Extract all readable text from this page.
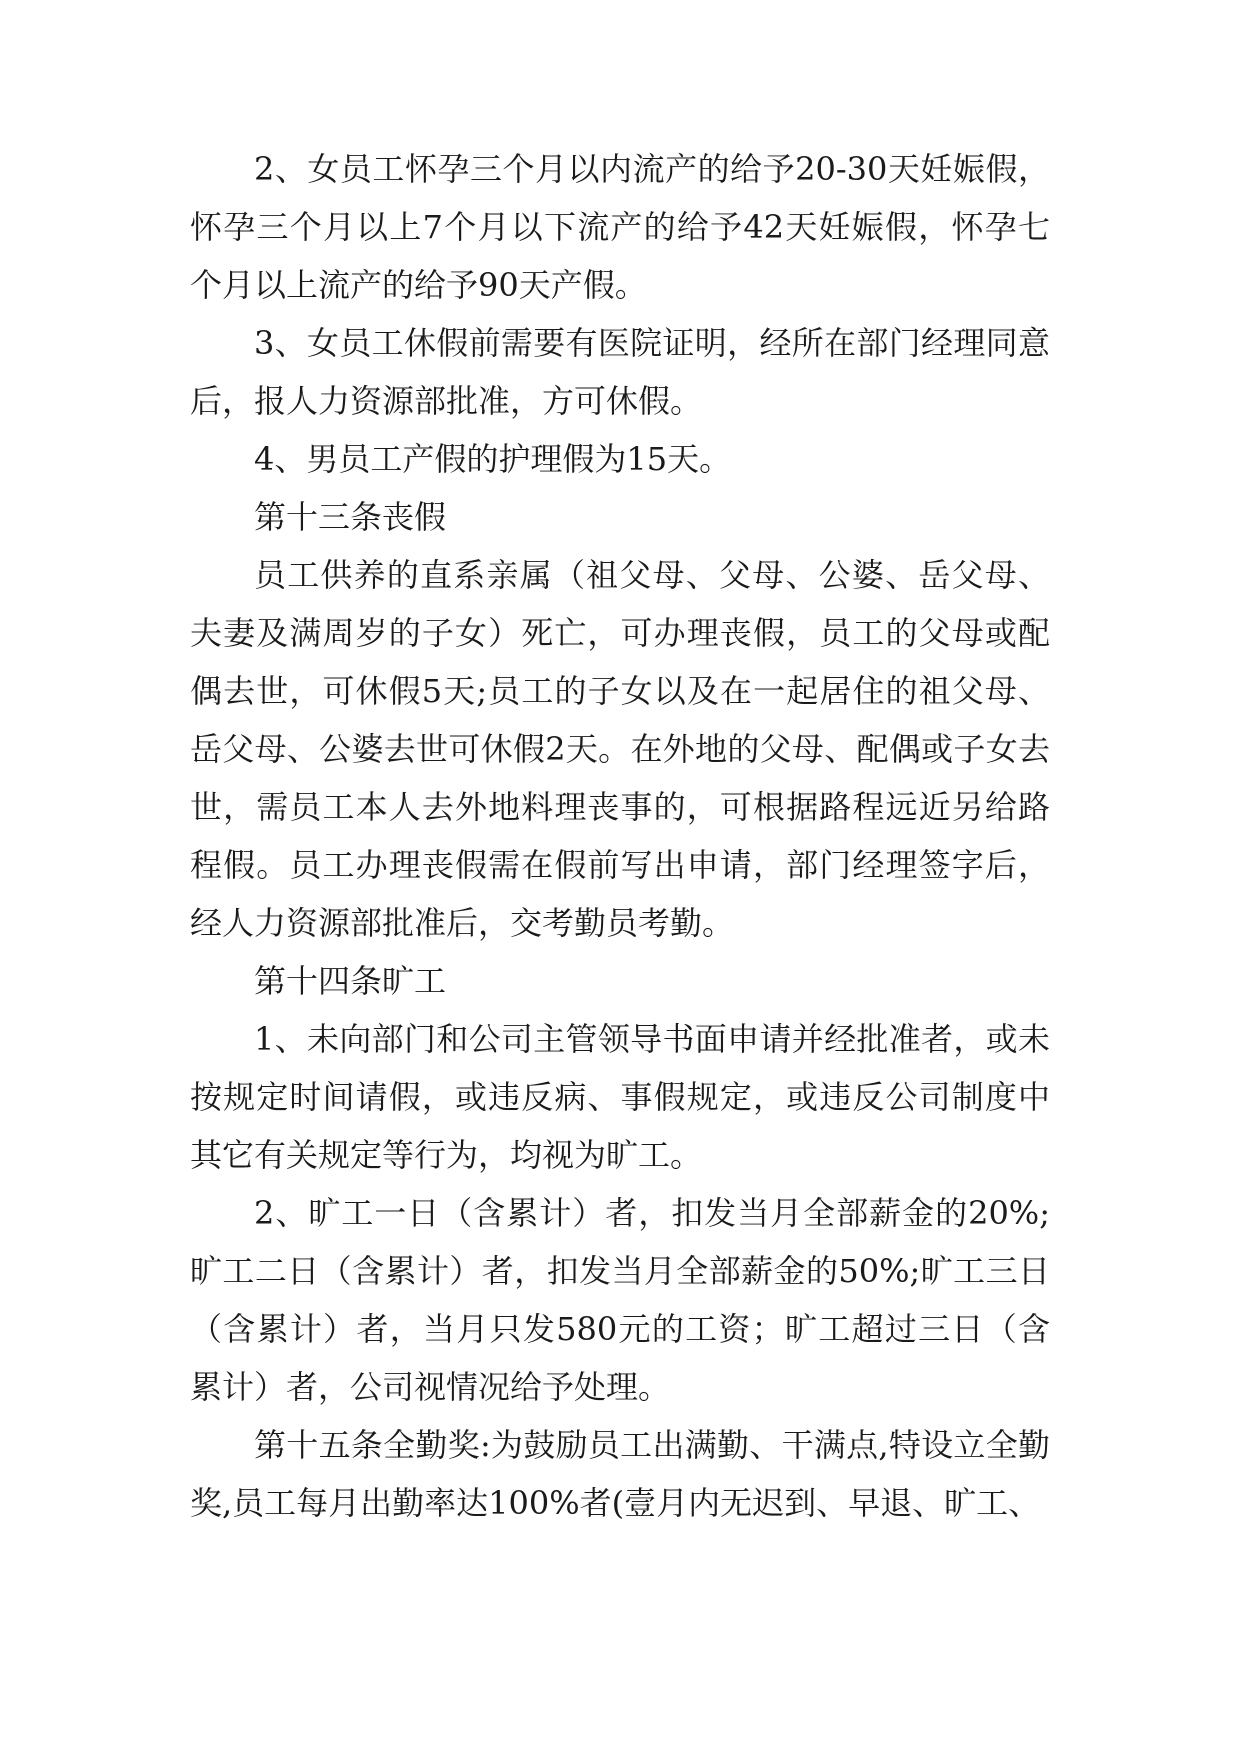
2、女员工怀孕三个月以内流产的给予20-30天妊娠假，怀孕三个月以上7个月以下流产的给予42天妊娠假，怀孕七个月以上流产的给予90天产假。

3、女员工休假前需要有医院证明，经所在部门经理同意后，报人力资源部批准，方可休假。

4、男员工产假的护理假为15天。

第十三条丧假

员工供养的直系亲属（祖父母、父母、公婆、岳父母、夫妻及满周岁的子女）死亡，可办理丧假，员工的父母或配偶去世，可休假5天;员工的子女以及在一起居住的祖父母、岳父母、公婆去世可休假2天。在外地的父母、配偶或子女去世，需员工本人去外地料理丧事的，可根据路程远近另给路程假。员工办理丧假需在假前写出申请，部门经理签字后，经人力资源部批准后，交考勤员考勤。

第十四条旷工

1、未向部门和公司主管领导书面申请并经批准者，或未按规定时间请假，或违反病、事假规定，或违反公司制度中其它有关规定等行为，均视为旷工。

2、旷工一日（含累计）者，扣发当月全部薪金的20%;旷工二日（含累计）者，扣发当月全部薪金的50%;旷工三日（含累计）者，当月只发580元的工资；旷工超过三日（含累计）者，公司视情况给予处理。

第十五条全勤奖:为鼓励员工出满勤、干满点,特设立全勤奖,员工每月出勤率达100%者(壹月内无迟到、早退、旷工、
